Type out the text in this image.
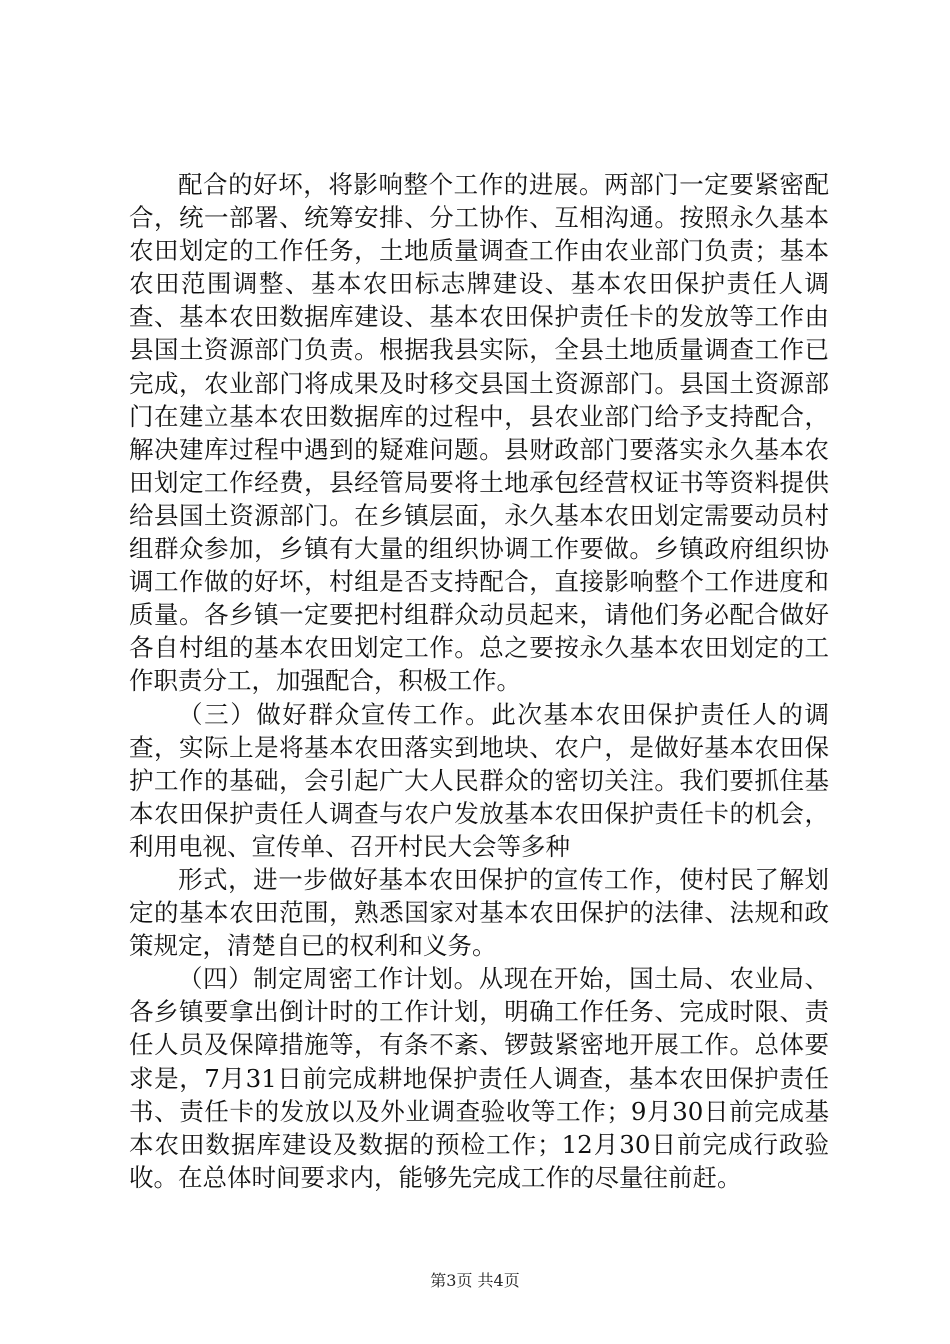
配合的好坏，将影响整个工作的进展。两部门一定要紧密配合，统一部署、统筹安排、分工协作、互相沟通。按照永久基本农田划定的工作任务，土地质量调查工作由农业部门负责；基本农田范围调整、基本农田标志牌建设、基本农田保护责任人调查、基本农田数据库建设、基本农田保护责任卡的发放等工作由县国土资源部门负责。根据我县实际，全县土地质量调查工作已完成，农业部门将成果及时移交县国土资源部门。县国土资源部门在建立基本农田数据库的过程中，县农业部门给予支持配合，解决建库过程中遇到的疑难问题。县财政部门要落实永久基本农田划定工作经费，县经管局要将土地承包经营权证书等资料提供给县国土资源部门。在乡镇层面，永久基本农田划定需要动员村组群众参加，乡镇有大量的组织协调工作要做。乡镇政府组织协调工作做的好坏，村组是否支持配合，直接影响整个工作进度和质量。各乡镇一定要把村组群众动员起来，请他们务必配合做好各自村组的基本农田划定工作。总之要按永久基本农田划定的工作职责分工，加强配合，积极工作。

（三）做好群众宣传工作。此次基本农田保护责任人的调查，实际上是将基本农田落实到地块、农户，是做好基本农田保护工作的基础，会引起广大人民群众的密切关注。我们要抓住基本农田保护责任人调查与农户发放基本农田保护责任卡的机会，利用电视、宣传单、召开村民大会等多种

形式，进一步做好基本农田保护的宣传工作，使村民了解划定的基本农田范围，熟悉国家对基本农田保护的法律、法规和政策规定，清楚自已的权利和义务。

（四）制定周密工作计划。从现在开始，国土局、农业局、各乡镇要拿出倒计时的工作计划，明确工作任务、完成时限、责任人员及保障措施等，有条不紊、锣鼓紧密地开展工作。总体要求是，7月31日前完成耕地保护责任人调查，基本农田保护责任书、责任卡的发放以及外业调查验收等工作；9月30日前完成基本农田数据库建设及数据的预检工作；12月30日前完成行政验收。在总体时间要求内，能够先完成工作的尽量往前赶。

第3页 共4页
